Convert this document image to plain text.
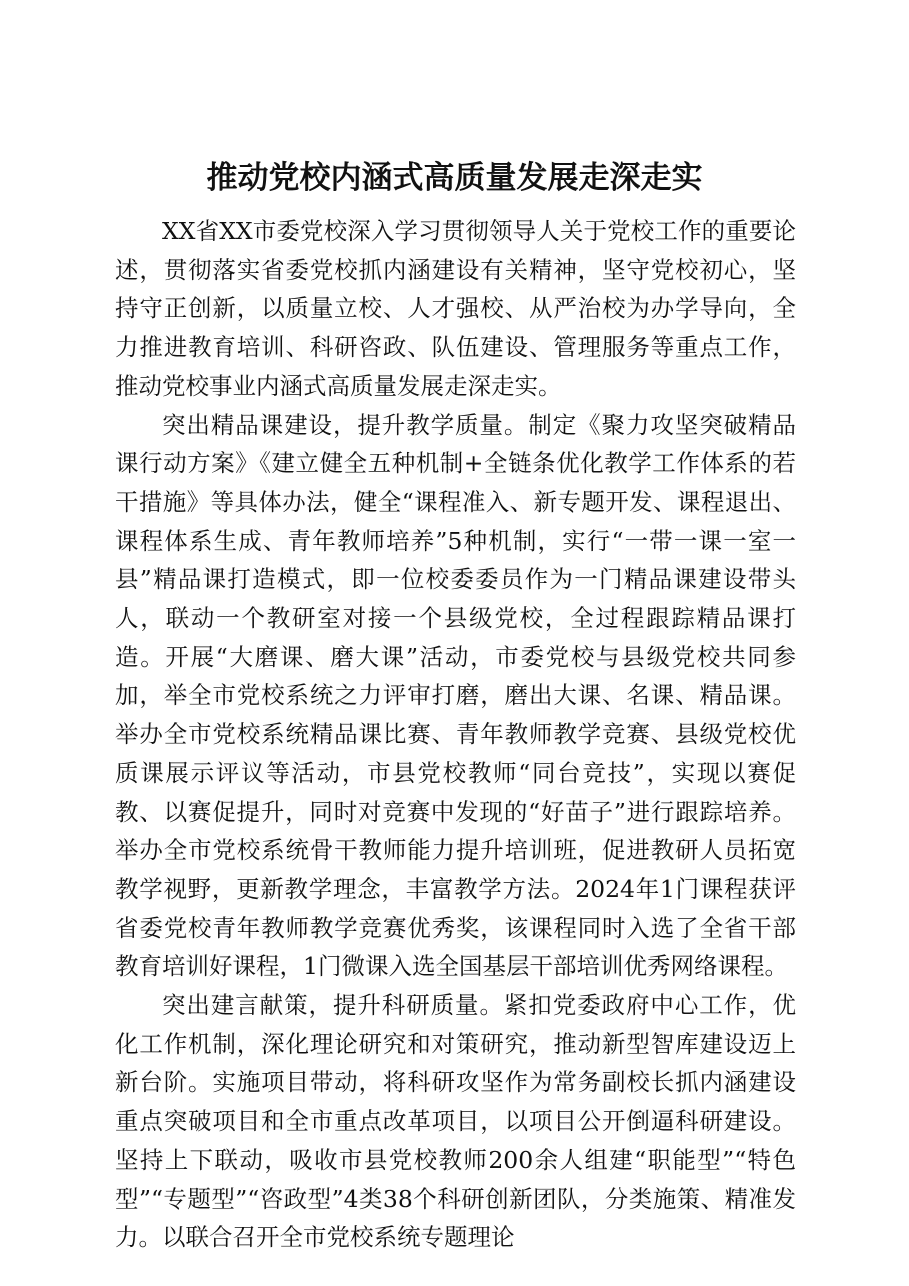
推动党校内涵式高质量发展走深走实

XX省XX市委党校深入学习贯彻领导人关于党校工作的重要论述，贯彻落实省委党校抓内涵建设有关精神，坚守党校初心，坚持守正创新，以质量立校、人才强校、从严治校为办学导向，全力推进教育培训、科研咨政、队伍建设、管理服务等重点工作，推动党校事业内涵式高质量发展走深走实。

突出精品课建设，提升教学质量。制定《聚力攻坚突破精品课行动方案》《建立健全五种机制+全链条优化教学工作体系的若干措施》等具体办法，健全“课程准入、新专题开发、课程退出、课程体系生成、青年教师培养”5种机制，实行“一带一课一室一县”精品课打造模式，即一位校委委员作为一门精品课建设带头人，联动一个教研室对接一个县级党校，全过程跟踪精品课打造。开展“大磨课、磨大课”活动，市委党校与县级党校共同参加，举全市党校系统之力评审打磨，磨出大课、名课、精品课。举办全市党校系统精品课比赛、青年教师教学竞赛、县级党校优质课展示评议等活动，市县党校教师“同台竞技”，实现以赛促教、以赛促提升，同时对竞赛中发现的“好苗子”进行跟踪培养。举办全市党校系统骨干教师能力提升培训班，促进教研人员拓宽教学视野，更新教学理念，丰富教学方法。2024年1门课程获评省委党校青年教师教学竞赛优秀奖，该课程同时入选了全省干部教育培训好课程，1门微课入选全国基层干部培训优秀网络课程。

突出建言献策，提升科研质量。紧扣党委政府中心工作，优化工作机制，深化理论研究和对策研究，推动新型智库建设迈上新台阶。实施项目带动，将科研攻坚作为常务副校长抓内涵建设重点突破项目和全市重点改革项目，以项目公开倒逼科研建设。坚持上下联动，吸收市县党校教师200余人组建“职能型”“特色型”“专题型”“咨政型”4类38个科研创新团队，分类施策、精准发力。以联合召开全市党校系统专题理论
